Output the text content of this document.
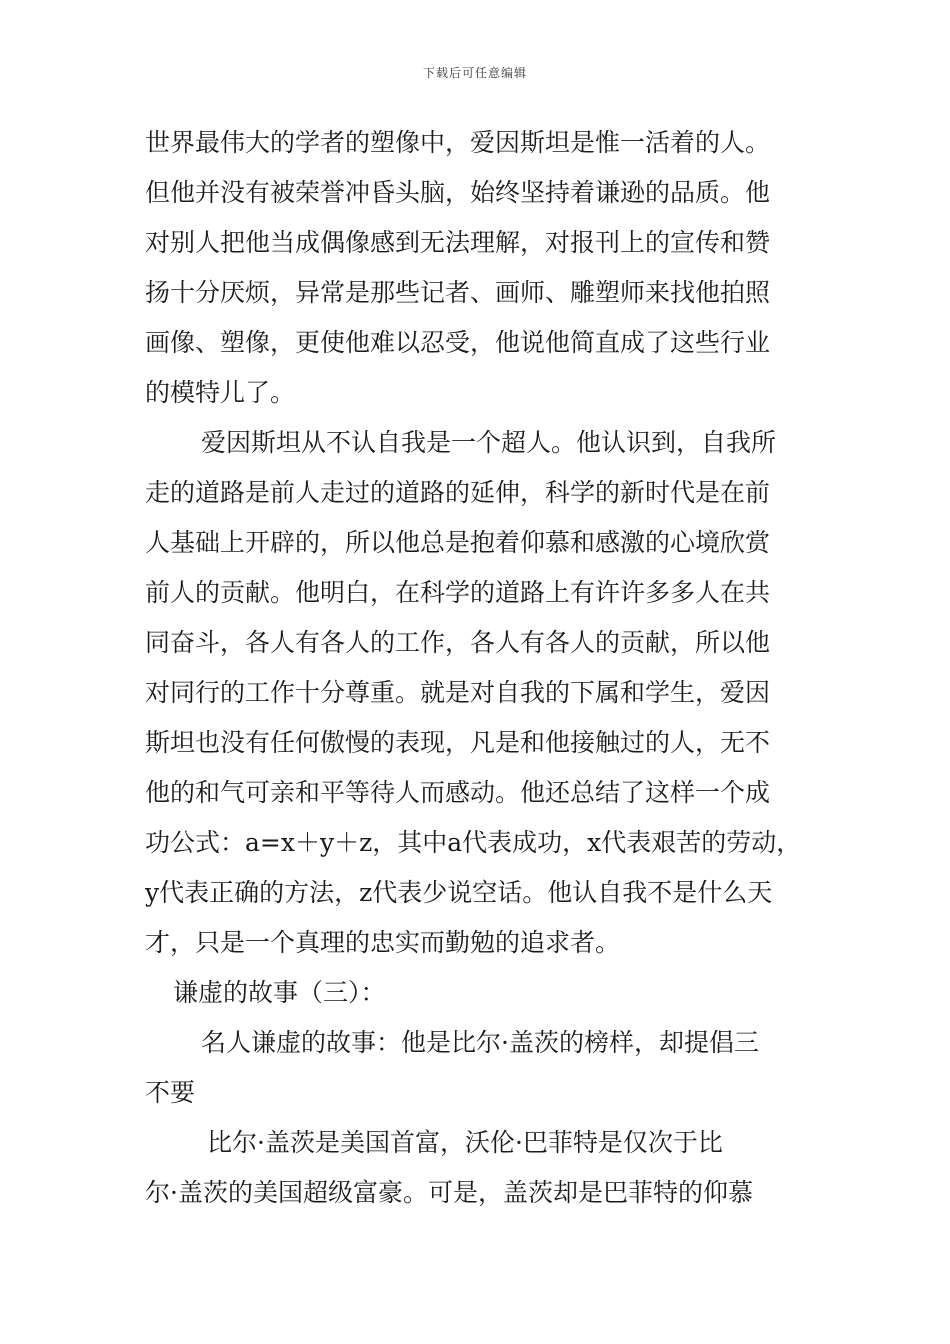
下载后可任意编辑
世界最伟大的学者的塑像中，爱因斯坦是惟一活着的人。
但他并没有被荣誉冲昏头脑，始终坚持着谦逊的品质。他
对别人把他当成偶像感到无法理解，对报刊上的宣传和赞
扬十分厌烦，异常是那些记者、画师、雕塑师来找他拍照
画像、塑像，更使他难以忍受，他说他简直成了这些行业
的模特儿了。
爱因斯坦从不认自我是一个超人。他认识到，自我所
走的道路是前人走过的道路的延伸，科学的新时代是在前
人基础上开辟的，所以他总是抱着仰慕和感激的心境欣赏
前人的贡献。他明白，在科学的道路上有许许多多人在共
同奋斗，各人有各人的工作，各人有各人的贡献，所以他
对同行的工作十分尊重。就是对自我的下属和学生，爱因
斯坦也没有任何傲慢的表现，凡是和他接触过的人，无不
他的和气可亲和平等待人而感动。他还总结了这样一个成
功公式：a=x＋y＋z，其中a代表成功，x代表艰苦的劳动，
y代表正确的方法，z代表少说空话。他认自我不是什么天
才，只是一个真理的忠实而勤勉的追求者。
谦虚的故事（三）：
名人谦虚的故事：他是比尔·盖茨的榜样，却提倡三
不要
比尔·盖茨是美国首富，沃伦·巴菲特是仅次于比
尔·盖茨的美国超级富豪。可是，盖茨却是巴菲特的仰慕
